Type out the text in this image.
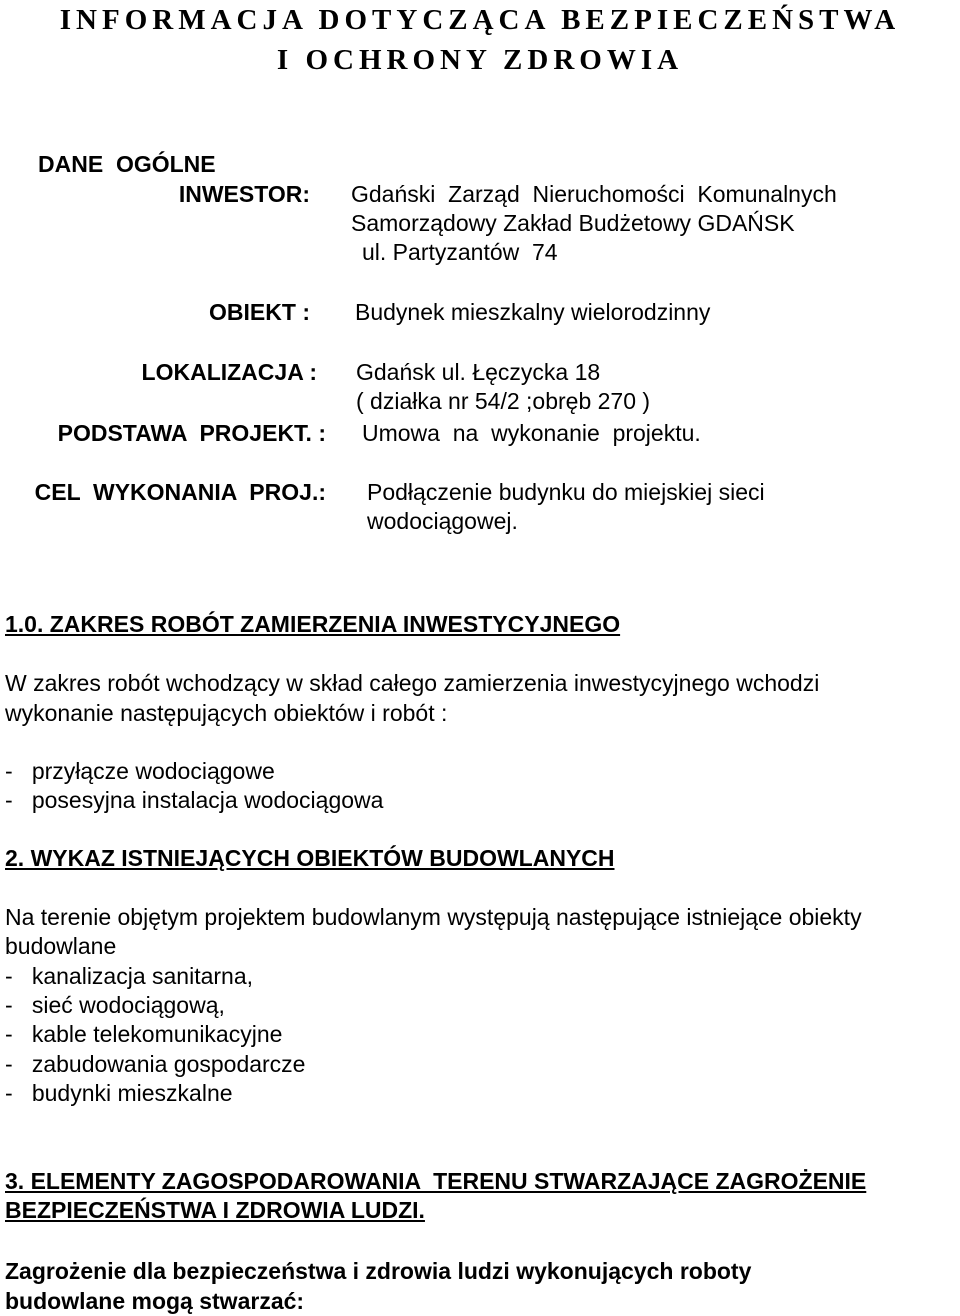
INFORMACJA DOTYCZĄCA BEZPIECZEŃSTWA
I OCHRONY ZDROWIA
DANE  OGÓLNE
INWESTOR: Gdański  Zarząd  Nieruchomości  Komunalnych
Samorządowy Zakład Budżetowy GDAŃSK
ul. Partyzantów  74
OBIEKT : Budynek mieszkalny wielorodzinny
LOKALIZACJA : Gdańsk ul. Łęczycka 18
( działka nr 54/2 ;obręb 270 )
PODSTAWA  PROJEKT. : Umowa  na  wykonanie  projektu.
CEL  WYKONANIA  PROJ.: Podłączenie budynku do miejskiej sieci
wodociągowej.
1.0. ZAKRES ROBÓT ZAMIERZENIA INWESTYCYJNEGO
W zakres robót wchodzący w skład całego zamierzenia inwestycyjnego wchodzi
wykonanie następujących obiektów i robót :
-   przyłącze wodociągowe
-   posesyjna instalacja wodociągowa
2. WYKAZ ISTNIEJĄCYCH OBIEKTÓW BUDOWLANYCH
Na terenie objętym projektem budowlanym występują następujące istniejące obiekty
budowlane
-   kanalizacja sanitarna,
-   sieć wodociągową,
-   kable telekomunikacyjne
-   zabudowania gospodarcze
-   budynki mieszkalne
3. ELEMENTY ZAGOSPODAROWANIA  TERENU STWARZAJĄCE ZAGROŻENIE
BEZPIECZEŃSTWA I ZDROWIA LUDZI.
Zagrożenie dla bezpieczeństwa i zdrowia ludzi wykonujących roboty
budowlane mogą stwarzać:
